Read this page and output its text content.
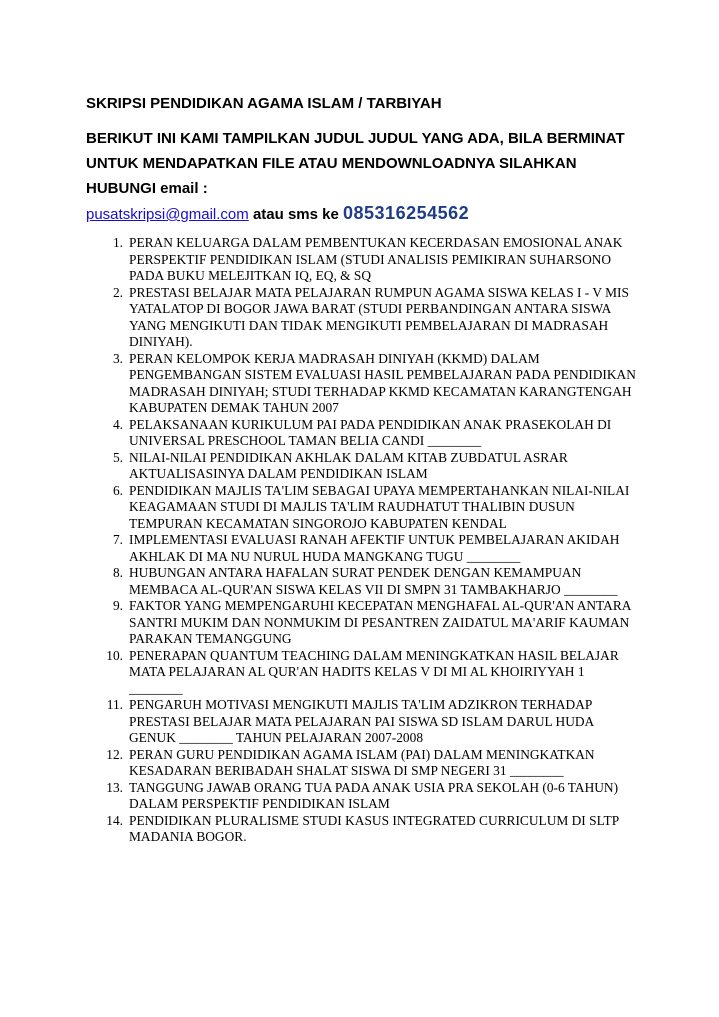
SKRIPSI PENDIDIKAN AGAMA ISLAM / TARBIYAH

BERIKUT INI KAMI TAMPILKAN JUDUL JUDUL YANG ADA, BILA BERMINAT UNTUK MENDAPATKAN FILE ATAU MENDOWNLOADNYA SILAHKAN HUBUNGI email :
pusatskripsi@gmail.com atau sms ke 085316254562

1. PERAN KELUARGA DALAM PEMBENTUKAN KECERDASAN EMOSIONAL ANAK PERSPEKTIF PENDIDIKAN ISLAM (STUDI ANALISIS PEMIKIRAN SUHARSONO PADA BUKU MELEJITKAN IQ, EQ, & SQ
2. PRESTASI BELAJAR MATA PELAJARAN RUMPUN AGAMA SISWA KELAS I - V MIS YATALATOP DI BOGOR JAWA BARAT (STUDI PERBANDINGAN ANTARA SISWA YANG MENGIKUTI DAN TIDAK MENGIKUTI PEMBELAJARAN DI MADRASAH DINIYAH).
3. PERAN KELOMPOK KERJA MADRASAH DINIYAH (KKMD) DALAM PENGEMBANGAN SISTEM EVALUASI HASIL PEMBELAJARAN PADA PENDIDIKAN MADRASAH DINIYAH; STUDI TERHADAP KKMD KECAMATAN KARANGTENGAH KABUPATEN DEMAK TAHUN 2007
4. PELAKSANAAN KURIKULUM PAI PADA PENDIDIKAN ANAK PRASEKOLAH DI UNIVERSAL PRESCHOOL TAMAN BELIA CANDI ________
5. NILAI-NILAI PENDIDIKAN AKHLAK DALAM KITAB ZUBDATUL ASRAR AKTUALISASINYA DALAM PENDIDIKAN ISLAM
6. PENDIDIKAN MAJLIS TA'LIM SEBAGAI UPAYA MEMPERTAHANKAN NILAI-NILAI KEAGAMAAN STUDI DI MAJLIS TA'LIM RAUDHATUT THALIBIN DUSUN TEMPURAN KECAMATAN SINGOROJO KABUPATEN KENDAL
7. IMPLEMENTASI EVALUASI RANAH AFEKTIF UNTUK PEMBELAJARAN AKIDAH AKHLAK DI MA NU NURUL HUDA MANGKANG TUGU ________
8. HUBUNGAN ANTARA HAFALAN SURAT PENDEK DENGAN KEMAMPUAN MEMBACA AL-QUR'AN SISWA KELAS VII DI SMPN 31 TAMBAKHARJO ________
9. FAKTOR YANG MEMPENGARUHI KECEPATAN MENGHAFAL AL-QUR'AN ANTARA SANTRI MUKIM DAN NONMUKIM DI PESANTREN ZAIDATUL MA'ARIF KAUMAN PARAKAN TEMANGGUNG
10. PENERAPAN QUANTUM TEACHING DALAM MENINGKATKAN HASIL BELAJAR MATA PELAJARAN AL QUR'AN HADITS KELAS V DI MI AL KHOIRIYYAH 1 ________
11. PENGARUH MOTIVASI MENGIKUTI MAJLIS TA'LIM ADZIKRON TERHADAP PRESTASI BELAJAR MATA PELAJARAN PAI SISWA SD ISLAM DARUL HUDA GENUK ________ TAHUN PELAJARAN 2007-2008
12. PERAN GURU PENDIDIKAN AGAMA ISLAM (PAI) DALAM MENINGKATKAN KESADARAN BERIBADAH SHALAT SISWA DI SMP NEGERI 31 ________
13. TANGGUNG JAWAB ORANG TUA PADA ANAK USIA PRA SEKOLAH (0-6 TAHUN) DALAM PERSPEKTIF PENDIDIKAN ISLAM
14. PENDIDIKAN PLURALISME STUDI KASUS INTEGRATED CURRICULUM DI SLTP MADANIA BOGOR.
